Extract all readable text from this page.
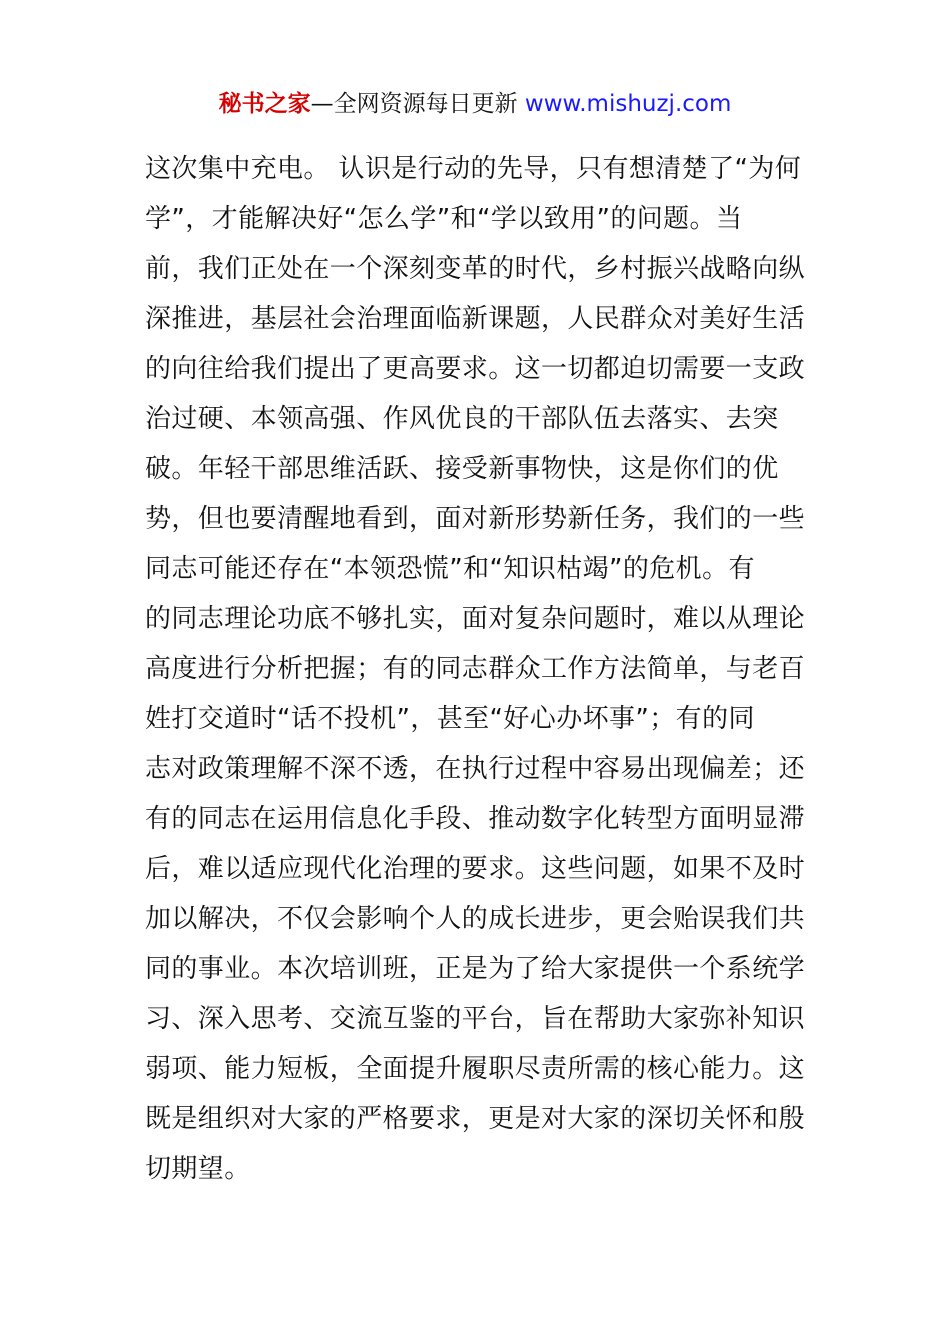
秘书之家—全网资源每日更新 www.mishuzj.com
这次集中充电。 认识是行动的先导，只有想清楚了“为何
学”，才能解决好“怎么学”和“学以致用”的问题。当
前，我们正处在一个深刻变革的时代，乡村振兴战略向纵
深推进，基层社会治理面临新课题，人民群众对美好生活
的向往给我们提出了更高要求。这一切都迫切需要一支政
治过硬、本领高强、作风优良的干部队伍去落实、去突
破。年轻干部思维活跃、接受新事物快，这是你们的优
势，但也要清醒地看到，面对新形势新任务，我们的一些
同志可能还存在“本领恐慌”和“知识枯竭”的危机。有
的同志理论功底不够扎实，面对复杂问题时，难以从理论
高度进行分析把握；有的同志群众工作方法简单，与老百
姓打交道时“话不投机”，甚至“好心办坏事”；有的同
志对政策理解不深不透，在执行过程中容易出现偏差；还
有的同志在运用信息化手段、推动数字化转型方面明显滞
后，难以适应现代化治理的要求。这些问题，如果不及时
加以解决，不仅会影响个人的成长进步，更会贻误我们共
同的事业。本次培训班，正是为了给大家提供一个系统学
习、深入思考、交流互鉴的平台，旨在帮助大家弥补知识
弱项、能力短板，全面提升履职尽责所需的核心能力。这
既是组织对大家的严格要求，更是对大家的深切关怀和殷
切期望。
